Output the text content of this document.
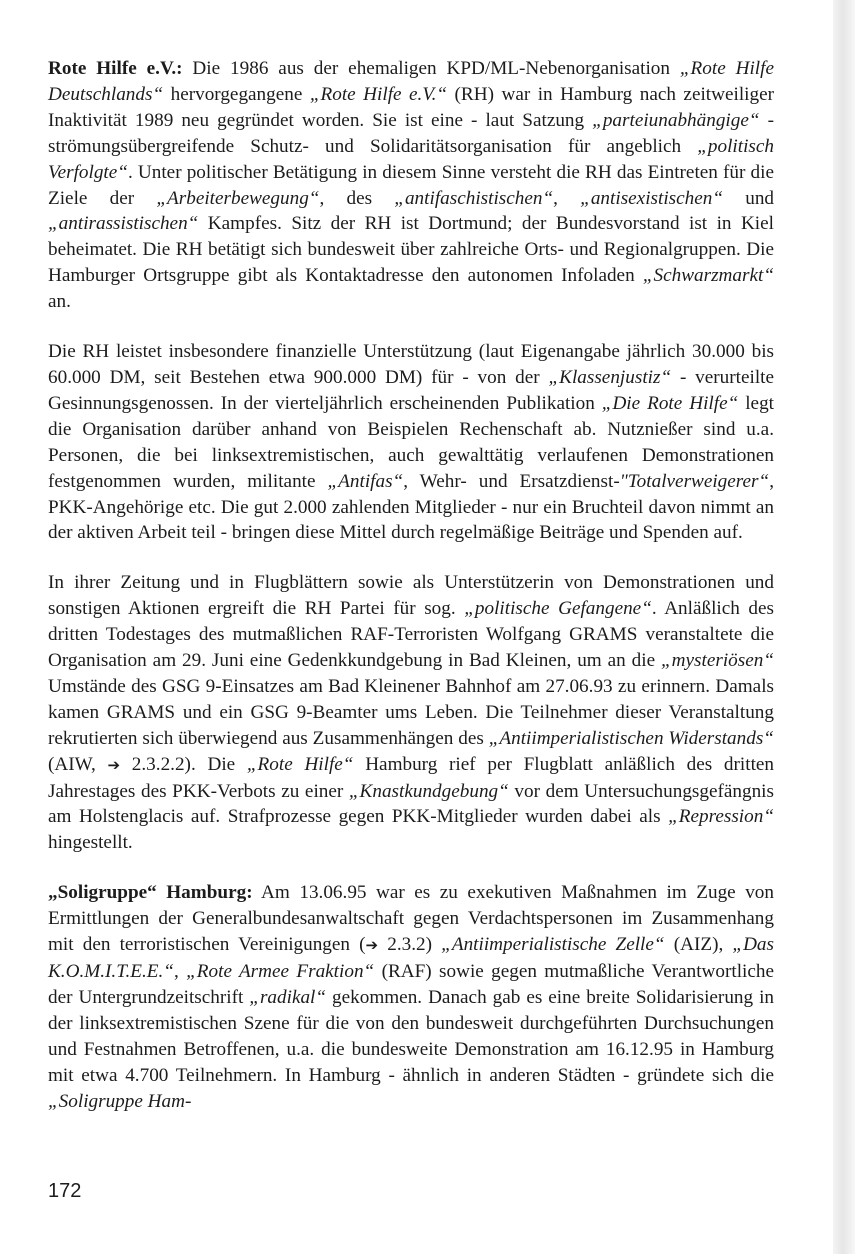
Rote Hilfe e.V.: Die 1986 aus der ehemaligen KPD/ML-Nebenorganisation „Rote Hilfe Deutschlands“ hervorgegangene „Rote Hilfe e.V.“ (RH) war in Hamburg nach zeitweiliger Inaktivität 1989 neu gegründet worden. Sie ist eine - laut Satzung „parteiunabhängige“ - strömungsübergreifende Schutz- und Solidaritätsorganisation für angeblich „politisch Verfolgte“. Unter politischer Betätigung in diesem Sinne versteht die RH das Eintreten für die Ziele der „Arbeiterbewegung“, des „antifaschistischen“, „antisexistischen“ und „antirassistischen“ Kampfes. Sitz der RH ist Dortmund; der Bundesvorstand ist in Kiel beheimatet. Die RH betätigt sich bundesweit über zahlreiche Orts- und Regionalgruppen. Die Hamburger Ortsgruppe gibt als Kontaktadresse den autonomen Infoladen „Schwarzmarkt“ an.

Die RH leistet insbesondere finanzielle Unterstützung (laut Eigenangabe jährlich 30.000 bis 60.000 DM, seit Bestehen etwa 900.000 DM) für - von der „Klassenjustiz“ - verurteilte Gesinnungsgenossen. In der vierteljährlich erscheinenden Publikation „Die Rote Hilfe“ legt die Organisation darüber anhand von Beispielen Rechenschaft ab. Nutznießer sind u.a. Personen, die bei linksextremistischen, auch gewalttätig verlaufenen Demonstrationen festgenommen wurden, militante „Antifas“, Wehr- und Ersatzdienst-"Totalverweigerer“, PKK-Angehörige etc. Die gut 2.000 zahlenden Mitglieder - nur ein Bruchteil davon nimmt an der aktiven Arbeit teil - bringen diese Mittel durch regelmäßige Beiträge und Spenden auf.

In ihrer Zeitung und in Flugblättern sowie als Unterstützerin von Demonstrationen und sonstigen Aktionen ergreift die RH Partei für sog. „politische Gefangene“. Anläßlich des dritten Todestages des mutmaßlichen RAF-Terroristen Wolfgang GRAMS veranstaltete die Organisation am 29. Juni eine Gedenkkundgebung in Bad Kleinen, um an die „mysteriösen“ Umstände des GSG 9-Einsatzes am Bad Kleinener Bahnhof am 27.06.93 zu erinnern. Damals kamen GRAMS und ein GSG 9-Beamter ums Leben. Die Teilnehmer dieser Veranstaltung rekrutierten sich überwiegend aus Zusammenhängen des „Antiimperialistischen Widerstands“ (AIW, ➔ 2.3.2.2). Die „Rote Hilfe“ Hamburg rief per Flugblatt anläßlich des dritten Jahrestages des PKK-Verbots zu einer „Knastkundgebung“ vor dem Untersuchungsgefängnis am Holstenglacis auf. Strafprozesse gegen PKK-Mitglieder wurden dabei als „Repression“ hingestellt.

„Soligruppe“ Hamburg: Am 13.06.95 war es zu exekutiven Maßnahmen im Zuge von Ermittlungen der Generalbundesanwaltschaft gegen Verdachtspersonen im Zusammenhang mit den terroristischen Vereinigungen (➔ 2.3.2) „Antiimperialistische Zelle“ (AIZ), „Das K.O.M.I.T.E.E.“, „Rote Armee Fraktion“ (RAF) sowie gegen mutmaßliche Verantwortliche der Untergrundzeitschrift „radikal“ gekommen. Danach gab es eine breite Solidarisierung in der linksextremistischen Szene für die von den bundesweit durchgeführten Durchsuchungen und Festnahmen Betroffenen, u.a. die bundesweite Demonstration am 16.12.95 in Hamburg mit etwa 4.700 Teilnehmern. In Hamburg - ähnlich in anderen Städten - gründete sich die „Soligruppe Ham-

172
